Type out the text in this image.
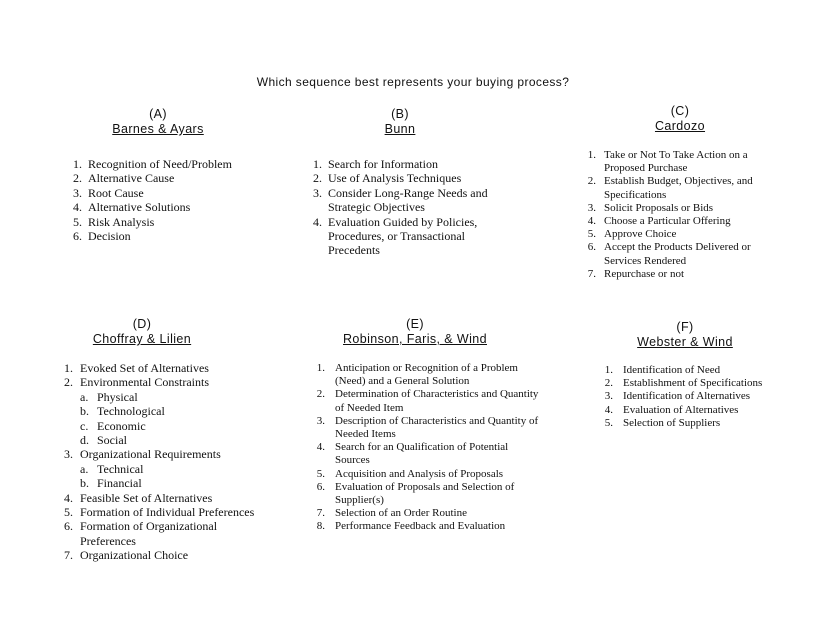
Which sequence best represents your buying process?
(A)
Barnes & Ayars
1. Recognition of Need/Problem
2. Alternative Cause
3. Root Cause
4. Alternative Solutions
5. Risk Analysis
6. Decision
(B)
Bunn
1. Search for Information
2. Use of Analysis Techniques
3. Consider Long-Range Needs and Strategic Objectives
4. Evaluation Guided by Policies, Procedures, or Transactional Precedents
(C)
Cardozo
1. Take or Not To Take Action on a Proposed Purchase
2. Establish Budget, Objectives, and Specifications
3. Solicit Proposals or Bids
4. Choose a Particular Offering
5. Approve Choice
6. Accept the Products Delivered or Services Rendered
7. Repurchase or not
(D)
Choffray & Lilien
1. Evoked Set of Alternatives
2. Environmental Constraints
a. Physical
b. Technological
c. Economic
d. Social
3. Organizational Requirements
a. Technical
b. Financial
4. Feasible Set of Alternatives
5. Formation of Individual Preferences
6. Formation of Organizational Preferences
7. Organizational Choice
(E)
Robinson, Faris, & Wind
1. Anticipation or Recognition of a Problem (Need) and a General Solution
2. Determination of Characteristics and Quantity of Needed Item
3. Description of Characteristics and Quantity of Needed Items
4. Search for an Qualification of Potential Sources
5. Acquisition and Analysis of Proposals
6. Evaluation of Proposals and Selection of Supplier(s)
7. Selection of an Order Routine
8. Performance Feedback and Evaluation
(F)
Webster & Wind
1. Identification of Need
2. Establishment of Specifications
3. Identification of Alternatives
4. Evaluation of Alternatives
5. Selection of Suppliers
